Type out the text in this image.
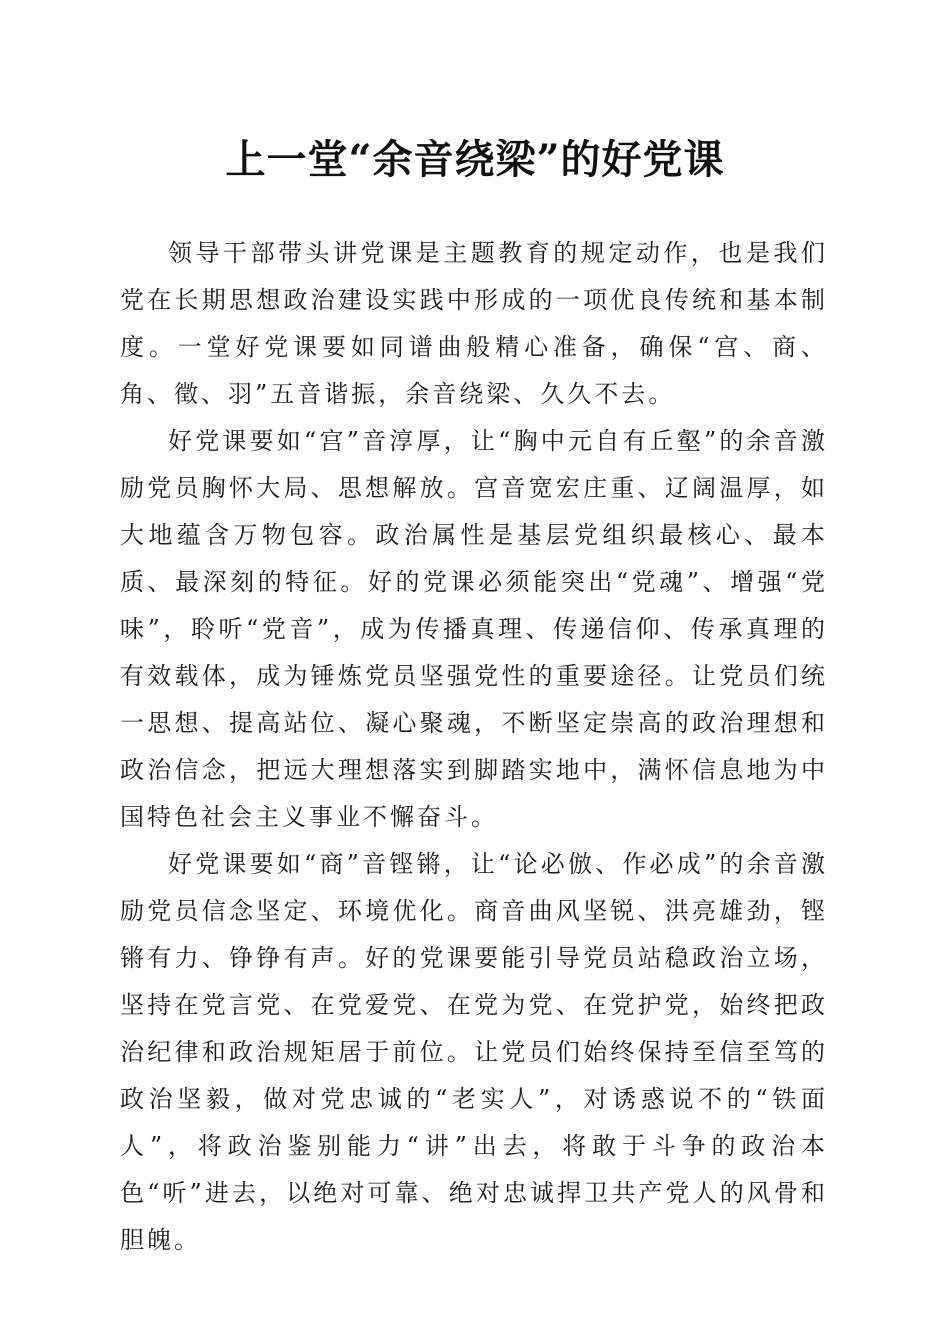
上一堂“余音绕梁”的好党课

领导干部带头讲党课是主题教育的规定动作，也是我们党在长期思想政治建设实践中形成的一项优良传统和基本制度。一堂好党课要如同谱曲般精心准备，确保“宫、商、角、徵、羽”五音谐振，余音绕梁、久久不去。

好党课要如“宫”音淳厚，让“胸中元自有丘壑”的余音激励党员胸怀大局、思想解放。宫音宽宏庄重、辽阔温厚，如大地蕴含万物包容。政治属性是基层党组织最核心、最本质、最深刻的特征。好的党课必须能突出“党魂”、增强“党味”，聆听“党音”，成为传播真理、传递信仰、传承真理的有效载体，成为锤炼党员坚强党性的重要途径。让党员们统一思想、提高站位、凝心聚魂，不断坚定崇高的政治理想和政治信念，把远大理想落实到脚踏实地中，满怀信息地为中国特色社会主义事业不懈奋斗。

好党课要如“商”音铿锵，让“论必倣、作必成”的余音激励党员信念坚定、环境优化。商音曲风坚锐、洪亮雄劲，铿锵有力、铮铮有声。好的党课要能引导党员站稳政治立场，坚持在党言党、在党爱党、在党为党、在党护党，始终把政治纪律和政治规矩居于前位。让党员们始终保持至信至笃的政治坚毅，做对党忠诚的“老实人”，对诱惑说不的“铁面人”，将政治鉴别能力“讲”出去，将敢于斗争的政治本色“听”进去，以绝对可靠、绝对忠诚捍卫共产党人的风骨和胆魄。
